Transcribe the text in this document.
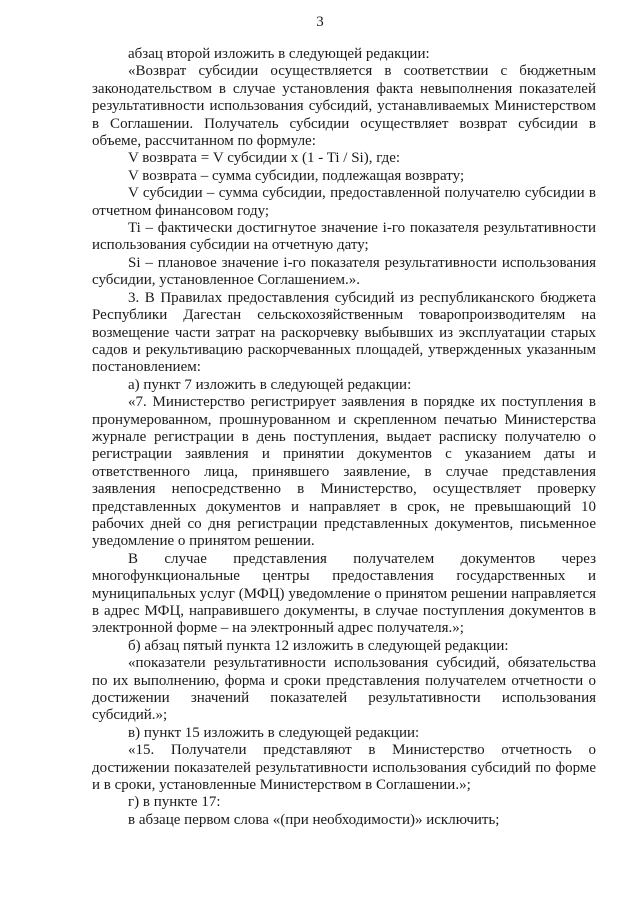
3

абзац второй изложить в следующей редакции:

«Возврат субсидии осуществляется в соответствии с бюджетным законодательством в случае установления факта невыполнения показателей результативности использования субсидий, устанавливаемых Министерством в Соглашении. Получатель субсидии осуществляет возврат субсидии в объеме, рассчитанном по формуле:

V возврата = V субсидии x (1 - Ti / Si), где:

V возврата – сумма субсидии, подлежащая возврату;

V субсидии – сумма субсидии, предоставленной получателю субсидии в отчетном финансовом году;

Ti – фактически достигнутое значение i-го показателя результативности использования субсидии на отчетную дату;

Si – плановое значение i-го показателя результативности использования субсидии, установленное Соглашением.».

3. В Правилах предоставления субсидий из республиканского бюджета Республики Дагестан сельскохозяйственным товаропроизводителям на возмещение части затрат на раскорчевку выбывших из эксплуатации старых садов и рекультивацию раскорчеванных площадей, утвержденных указанным постановлением:

а) пункт 7 изложить в следующей редакции:

«7. Министерство регистрирует заявления в порядке их поступления в пронумерованном, прошнурованном и скрепленном печатью Министерства журнале регистрации в день поступления, выдает расписку получателю о регистрации заявления и принятии документов с указанием даты и ответственного лица, принявшего заявление, в случае представления заявления непосредственно в Министерство, осуществляет проверку представленных документов и направляет в срок, не превышающий 10 рабочих дней со дня регистрации представленных документов, письменное уведомление о принятом решении.

В случае представления получателем документов через многофункциональные центры предоставления государственных и муниципальных услуг (МФЦ) уведомление о принятом решении направляется в адрес МФЦ, направившего документы, в случае поступления документов в электронной форме – на электронный адрес получателя.»;

б) абзац пятый пункта 12 изложить в следующей редакции:

«показатели результативности использования субсидий, обязательства по их выполнению, форма и сроки представления получателем отчетности о достижении значений показателей результативности использования субсидий.»;

в) пункт 15 изложить в следующей редакции:

«15. Получатели представляют в Министерство отчетность о достижении показателей результативности использования субсидий по форме и в сроки, установленные Министерством в Соглашении.»;

г) в пункте 17:

в абзаце первом слова «(при необходимости)» исключить;
